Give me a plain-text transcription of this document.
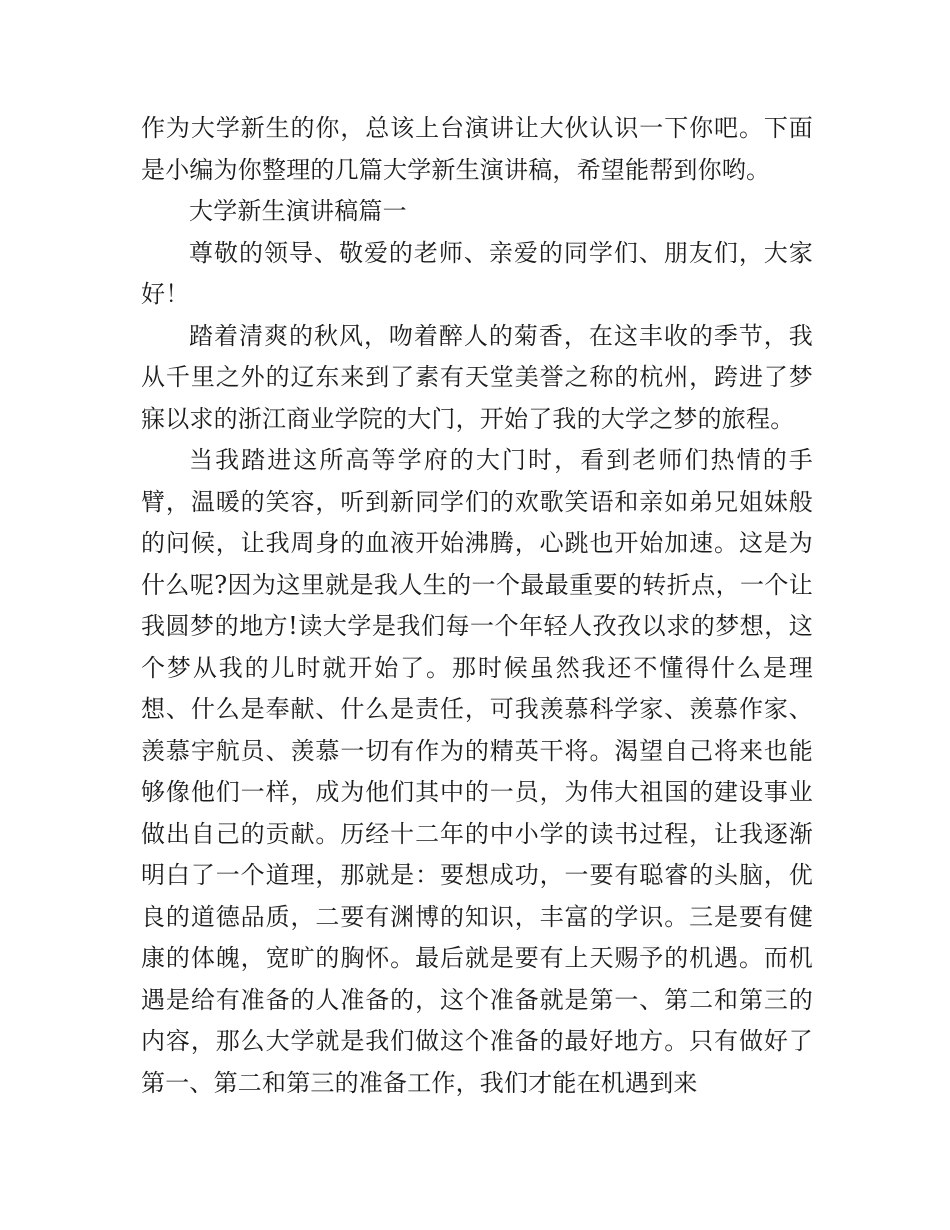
作为大学新生的你，总该上台演讲让大伙认识一下你吧。下面是小编为你整理的几篇大学新生演讲稿，希望能帮到你哟。

大学新生演讲稿篇一

尊敬的领导、敬爱的老师、亲爱的同学们、朋友们，大家好！

踏着清爽的秋风，吻着醉人的菊香，在这丰收的季节，我从千里之外的辽东来到了素有天堂美誉之称的杭州，跨进了梦寐以求的浙江商业学院的大门，开始了我的大学之梦的旅程。

当我踏进这所高等学府的大门时，看到老师们热情的手臂，温暖的笑容，听到新同学们的欢歌笑语和亲如弟兄姐妹般的问候，让我周身的血液开始沸腾，心跳也开始加速。这是为什么呢?因为这里就是我人生的一个最最重要的转折点，一个让我圆梦的地方!读大学是我们每一个年轻人孜孜以求的梦想，这个梦从我的儿时就开始了。那时候虽然我还不懂得什么是理想、什么是奉献、什么是责任，可我羡慕科学家、羡慕作家、羡慕宇航员、羡慕一切有作为的精英干将。渴望自己将来也能够像他们一样，成为他们其中的一员，为伟大祖国的建设事业做出自己的贡献。历经十二年的中小学的读书过程，让我逐渐明白了一个道理，那就是：要想成功，一要有聪睿的头脑，优良的道德品质，二要有渊博的知识，丰富的学识。三是要有健康的体魄，宽旷的胸怀。最后就是要有上天赐予的机遇。而机遇是给有准备的人准备的，这个准备就是第一、第二和第三的内容，那么大学就是我们做这个准备的最好地方。只有做好了第一、第二和第三的准备工作，我们才能在机遇到来
